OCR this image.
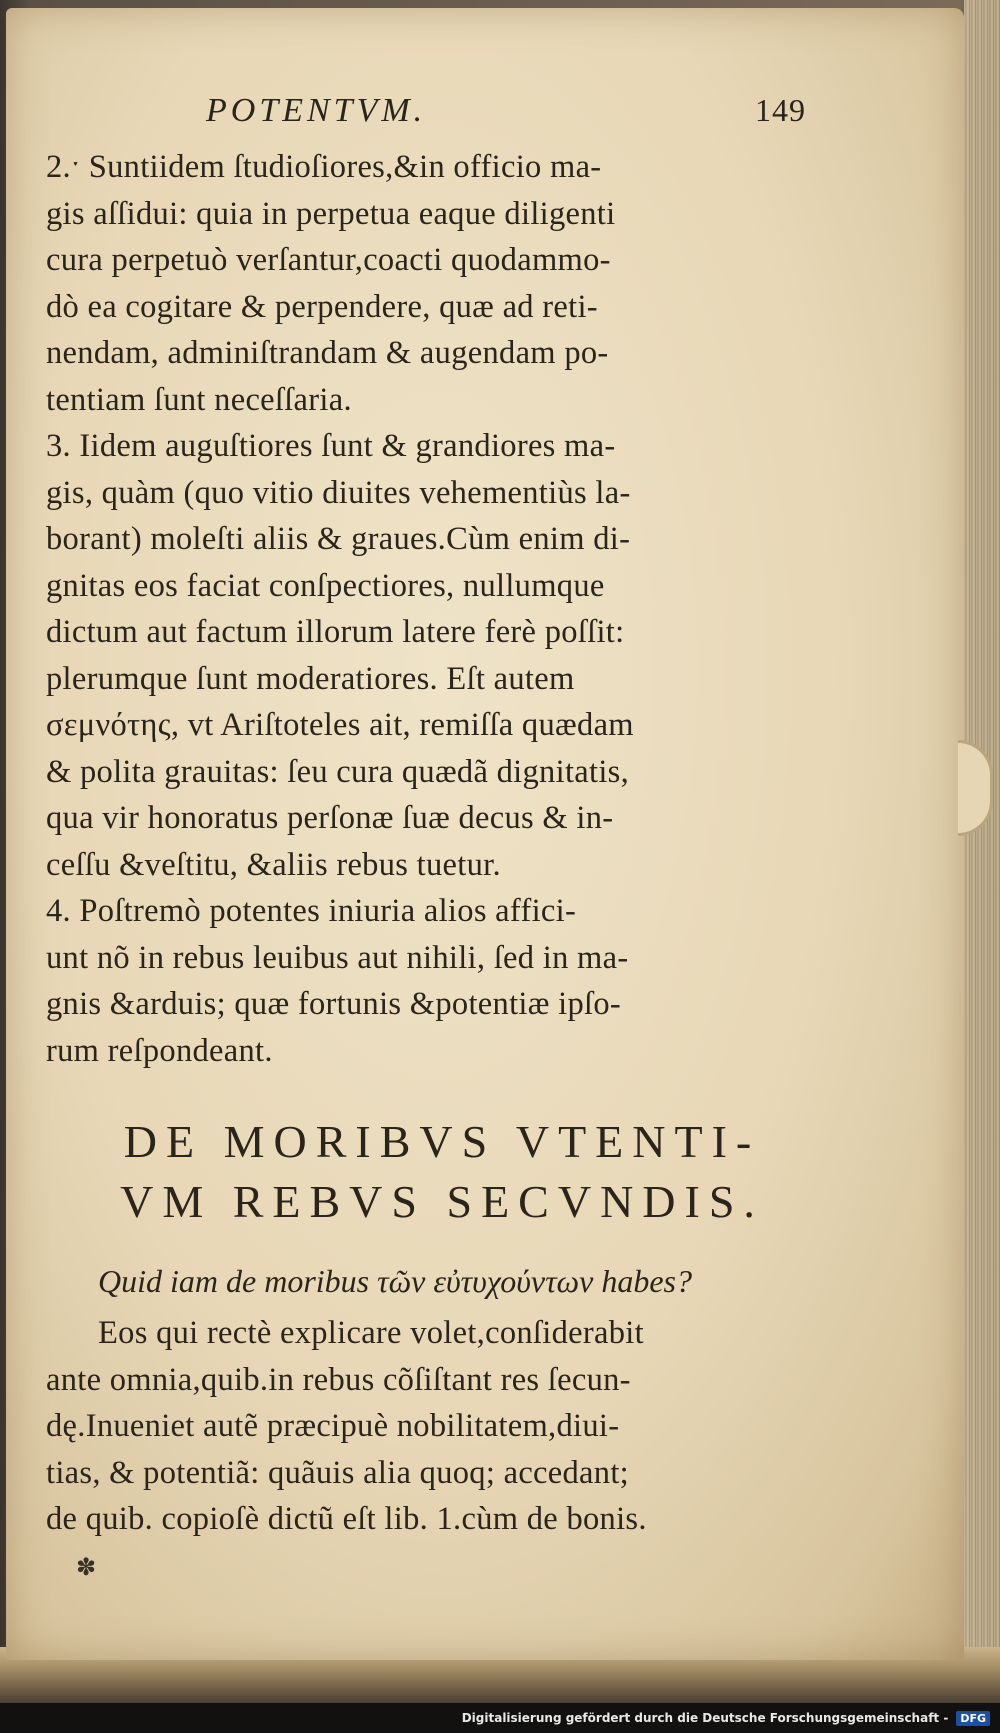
POTENTVM.	149
2.ˑ Suntiidem ſtudioſiores,&in officio ma-
gis aſſidui: quia in perpetua eaque diligenti
cura perpetuò verſantur,coacti quodammo-
dò ea cogitare & perpendere, quæ ad reti-
nendam, adminiſtrandam & augendam po-
tentiam ſunt neceſſaria.
3. Iidem auguſtiores ſunt & grandiores ma-
gis, quàm (quo vitio diuites vehementiùs la-
borant) moleſti aliis & graues.Cùm enim di-
gnitas eos faciat conſpectiores, nullumque
dictum aut factum illorum latere ferè poſſit:
plerumque ſunt moderatiores. Eſt autem
σεμνότης, vt Ariſtoteles ait, remiſſa quædam
& polita grauitas: ſeu cura quædã dignitatis,
qua vir honoratus perſonæ ſuæ decus & in-
ceſſu &veſtitu, &aliis rebus tuetur.
4. Poſtremò potentes iniuria alios affici-
unt nõ in rebus leuibus aut nihili, ſed in ma-
gnis &arduis; quæ fortunis &potentiæ ipſo-
rum reſpondeant.
DE MORIBVS VTENTI-
VM REBVS SECVNDIS.
Quid iam de moribus τῶν εὐτυχούντων habes?
Eos qui rectè explicare volet,conſiderabit
ante omnia,quib.in rebus cõſiſtant res ſecun-
dę.Inueniet autẽ præcipuè nobilitatem,diui-
tias, & potentiã: quãuis alia quoq; accedant;
de quib. copioſè dictũ eſt lib. 1.cùm de bonis.
✽
Digitalisierung gefördert durch die Deutsche Forschungsgemeinschaft -	DFG
